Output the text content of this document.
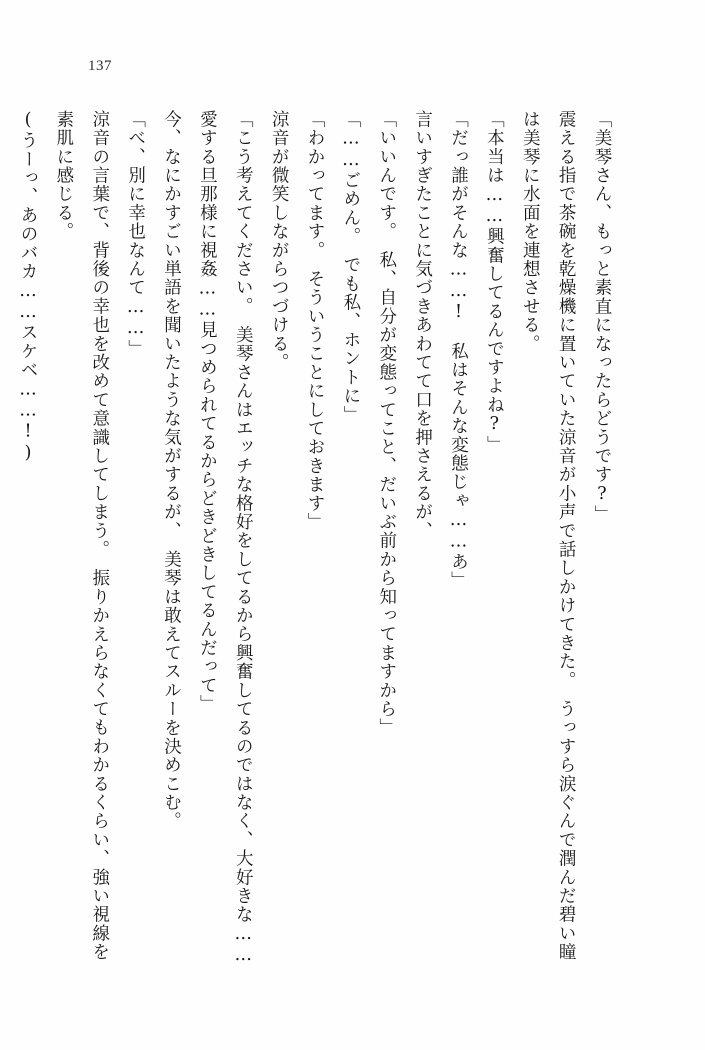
137

「美琴さん、もっと素直になったらどうです?」

震える指で茶碗を乾燥機に置いていた涼音が小声で話しかけてきた。　うっすら涙ぐんで潤んだ碧い瞳は美琴に水面を連想させる。

「本当は……興奮してるんですよね?」

「だっ誰がそんな……!　私はそんな変態じゃ……あ」

言いすぎたことに気づきあわてて口を押さえるが、

「いいんです。　私、自分が変態ってこと、だいぶ前から知ってますから」

「……ごめん。　でも私、ホントに」

「わかってます。　そういうことにしておきます」

涼音が微笑しながらつづける。

「こう考えてください。　美琴さんはエッチな格好をしてるから興奮してるのではなく、大好きな……愛する旦那様に視姦……見つめられてるからどきどきしてるんだって」

今、なにかすごい単語を聞いたような気がするが、　美琴は敢えてスルーを決めこむ。

「べ、別に幸也なんて……」

涼音の言葉で、背後の幸也を改めて意識してしまう。　振りかえらなくてもわかるくらい、強い視線を素肌に感じる。

(うーっ、あのバカ……スケベ……!)
